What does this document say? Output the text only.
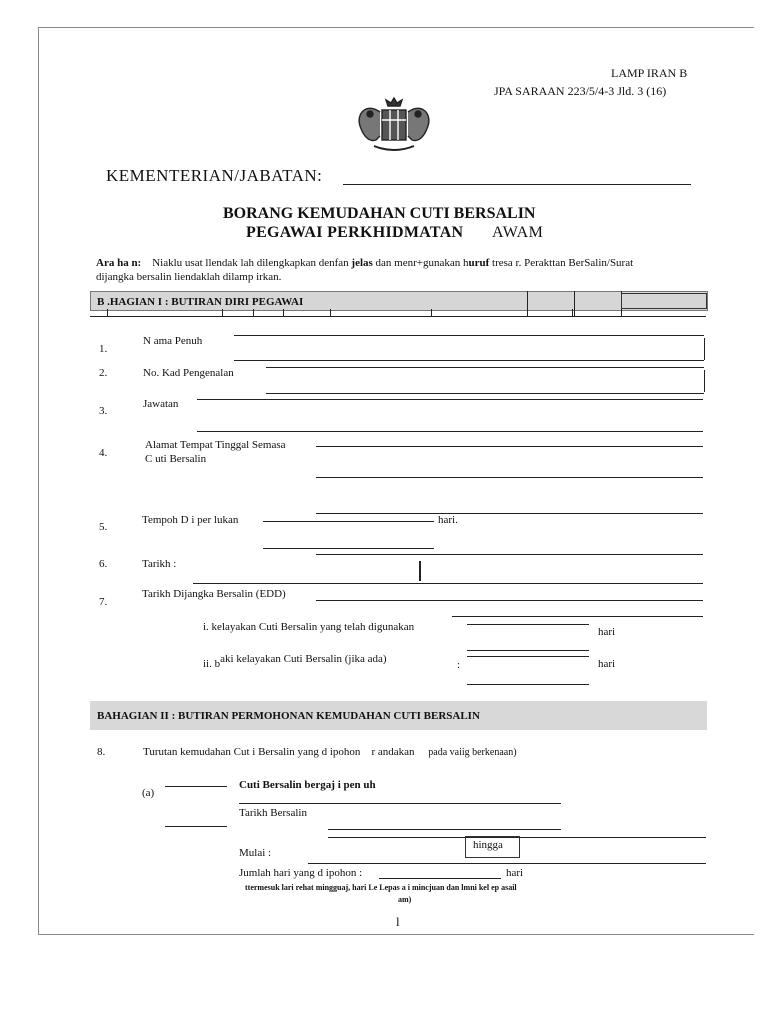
LAMP IRAN B
JPA SARAAN 223/5/4-3 Jld. 3 (16)
KEMENTERIAN/JABATAN:
BORANG KEMUDAHAN CUTI BERSALIN
PEGAWAI PERKHIDMATAN AWAM
Ara ha n: Niaklu usat llendak lah dilengkapkan denfan jelas dan menr+gunakan huruf tresa r. Perakttan BerSalin/Surat
dijangka bersalin liendaklah dilamp irkan.
B .HAGIAN I : BUTIRAN DIRI PEGAWAI
1.
N ama Penuh
2.	No. Kad Pengenalan
3.
Jawatan
4.
Alamat Tempat Tinggal Semasa
C uti Bersalin
5.
Tempoh D i per lukan	hari.
6.	Tarikh :
7.
Tarikh Dijangka Bersalin (EDD)
i. kelayakan Cuti Bersalin yang telah digunakan	hari
ii. baki kelayakan Cuti Bersalin (jika ada)	:	hari
BAHAGIAN II : BUTIRAN PERMOHONAN KEMUDAHAN CUTI BERSALIN
8.	Turutan kemudahan Cut i Bersalin yang d ipohon r andakan pada vaiig berkenaan)
(a)
Cuti Bersalin bergaj i pen uh
Tarikh Bersalin
Mulai :
hingga
Jumlah hari yang d ipohon :	hari
ttermesuk lari rehat mingguaj, hari Le Lepas a i mincjuan dan lmni kel ep asail
am)
l
